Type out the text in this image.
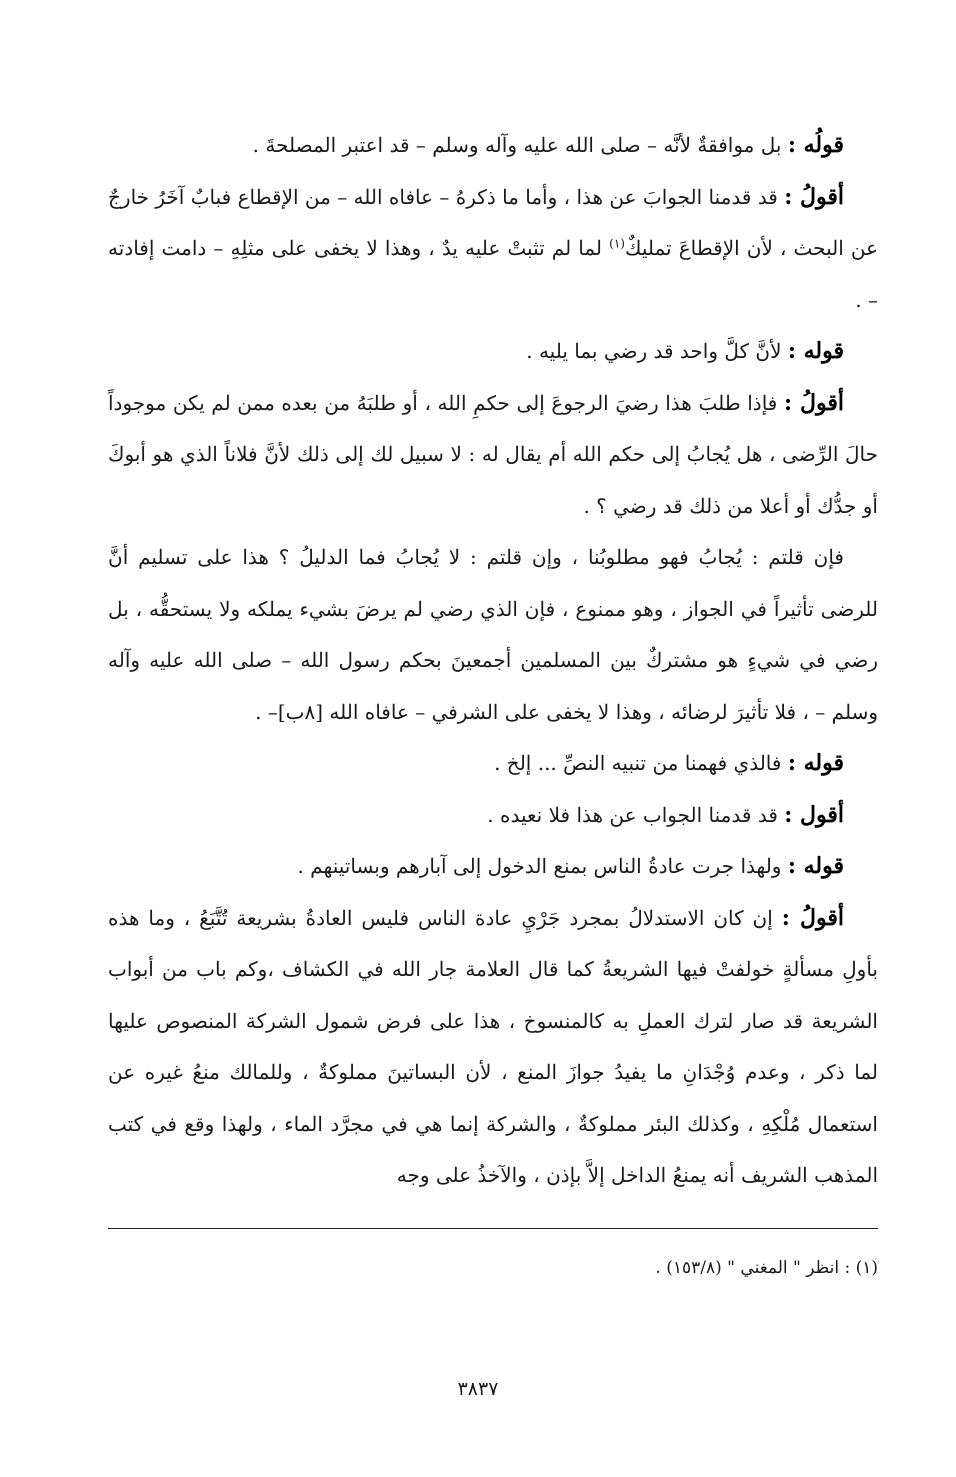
قولُه : بل موافقةٌ لأنَّه – صلى الله عليه وآله وسلم – قد اعتبر المصلحةَ .

أقولُ : قد قدمنا الجوابَ عن هذا ، وأما ما ذكرهُ – عافاه الله – من الإقطاع فبابٌ آخَرُ خارجٌ عن البحث ، لأن الإقطاعَ تمليكٌ$^{(١)}$ لما لم تثبتْ عليه يدٌ ، وهذا لا يخفى على مثلِهِ – دامت إفادته – .

قوله : لأنَّ كلَّ واحد قد رضي بما يليه .

أقولُ : فإذا طلبَ هذا رضيَ الرجوعَ إلى حكمِ الله ، أو طلبَهُ من بعده ممن لم يكن موجوداً حالَ الرِّضى ، هل يُجابُ إلى حكم الله أم يقال له : لا سبيل لك إلى ذلك لأنَّ فلاناً الذي هو أبوكَ أو جدُّك أو أعلا من ذلك قد رضي ؟ .

فإن قلتم : يُجابُ فهو مطلوبُنا ، وإن قلتم : لا يُجابُ فما الدليلُ ؟ هذا على تسليم أنَّ للرضى تأثيراً في الجواز ، وهو ممنوع ، فإن الذي رضي لم يرضَ بشيء يملكه ولا يستحقُّه ، بل رضي في شيءٍ هو مشتركٌ بين المسلمين أجمعينَ بحكم رسول الله – صلى الله عليه وآله وسلم – ، فلا تأثيرَ لرضائه ، وهذا لا يخفى على الشرفي – عافاه الله [٨ب]– .

قوله : فالذي فهمنا من تنبيه النصِّ ... إلخ .

أقول : قد قدمنا الجواب عن هذا فلا نعيده .

قوله : ولهذا جرت عادةُ الناس بمنع الدخول إلى آبارهم وبساتينهم .

أقولُ : إن كان الاستدلالُ بمجرد جَرْيِ عادة الناس فليس العادةُ بشريعة تُتَّبَعُ ، وما هذه بأولِ مسألةٍ خولفتْ فيها الشريعةُ كما قال العلامة جار الله في الكشاف ،وكم باب من أبواب الشريعة قد صار لترك العملِ به كالمنسوخ ، هذا على فرض شمول الشركة المنصوص عليها لما ذكر ، وعدم وُجْدَانِ ما يفيدُ جوازَ المنع ، لأن البساتينَ مملوكةٌ ، وللمالك منعُ غيره عن استعمال مُلْكِهِ ، وكذلك البئر مملوكةٌ ، والشركة إنما هي في مجرَّد الماء ، ولهذا وقع في كتب المذهب الشريف أنه يمنعُ الداخل إلاَّ بإذن ، والآخذُ على وجه

(١) : انظر " المغني " (١٥٣/٨) .

٣٨٣٧
